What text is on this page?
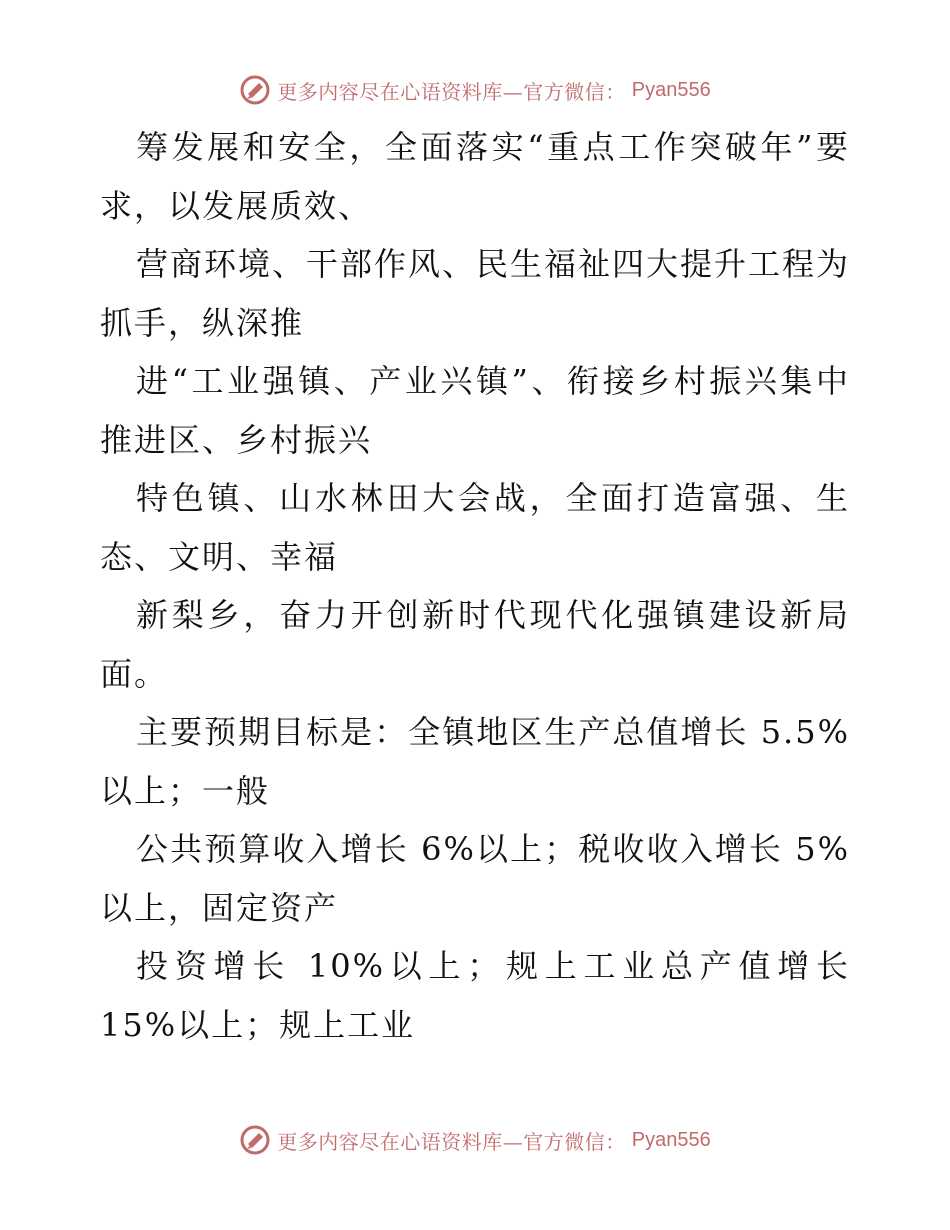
更多内容尽在心语资料库—官方微信： Pyan556

筹发展和安全，全面落实“重点工作突破年”要求，以发展质效、

营商环境、干部作风、民生福祉四大提升工程为抓手，纵深推

进“工业强镇、产业兴镇”、衔接乡村振兴集中推进区、乡村振兴

特色镇、山水林田大会战，全面打造富强、生态、文明、幸福

新梨乡，奋力开创新时代现代化强镇建设新局面。

主要预期目标是：全镇地区生产总值增长 5.5%以上；一般

公共预算收入增长 6%以上；税收收入增长 5%以上，固定资产

投资增长 10%以上；规上工业总产值增长 15%以上；规上工业

更多内容尽在心语资料库—官方微信： Pyan556
